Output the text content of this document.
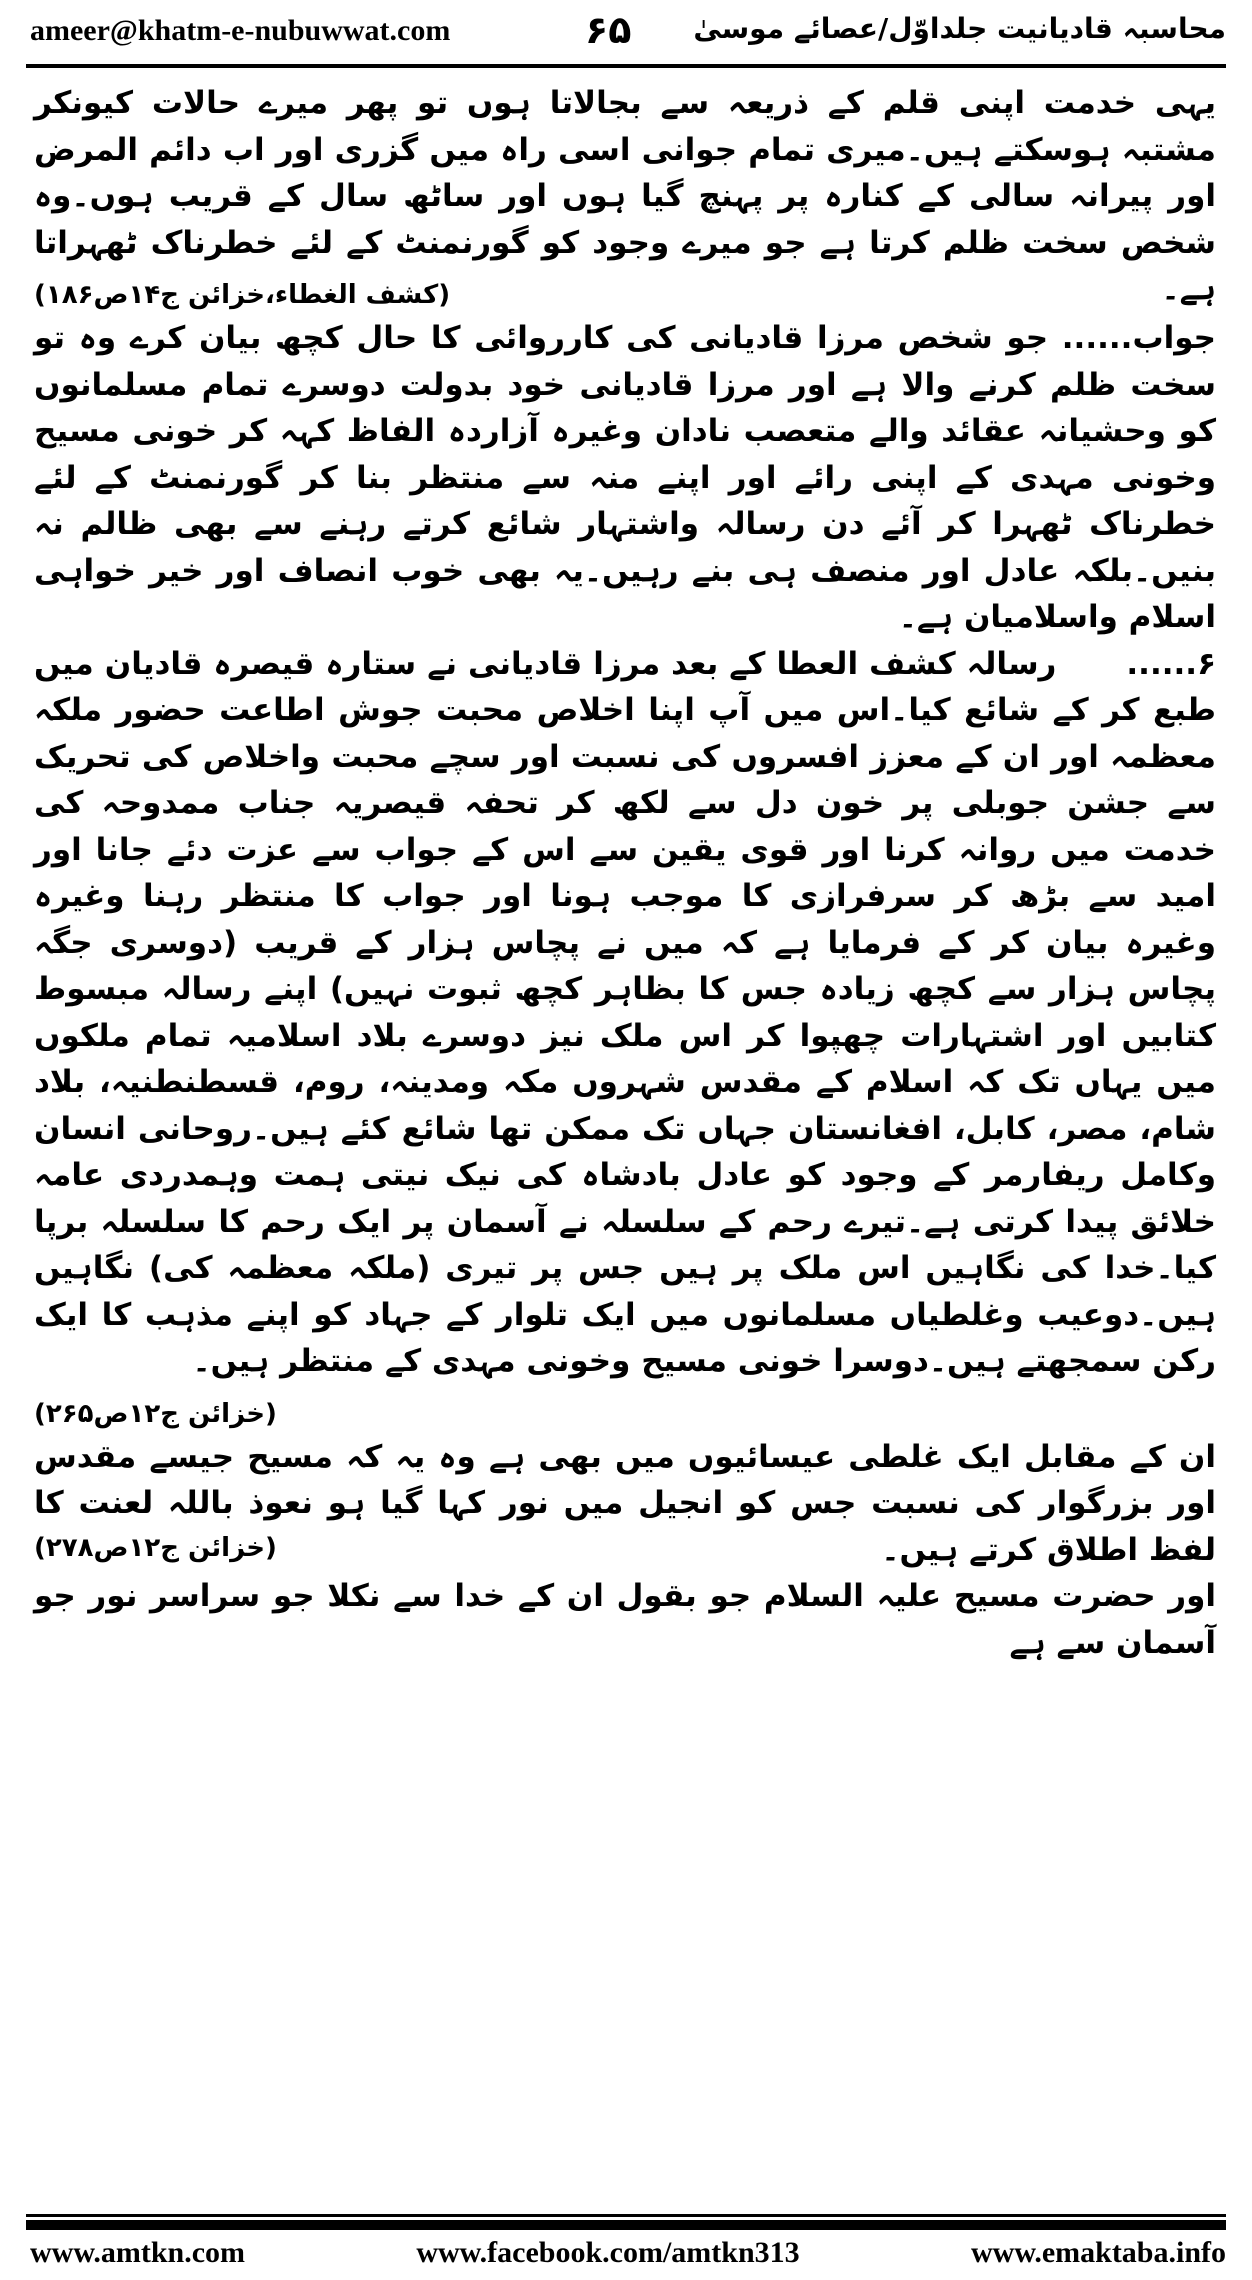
ameer@khatm-e-nubuwwat.com	۶۵ محاسبہ قادیانیت جلداوّل/عصائے موسیٰ

یہی خدمت اپنی قلم کے ذریعہ سے بجالاتا ہوں تو پھر میرے حالات کیونکر مشتبہ ہوسکتے ہیں۔میری تمام جوانی اسی راہ میں گزری اور اب دائم المرض اور پیرانہ سالی کے کنارہ پر پہنچ گیا ہوں اور ساٹھ سال کے قریب ہوں۔وہ شخص سخت ظلم کرتا ہے جو میرے وجود کو گورنمنٹ کے لئے خطرناک ٹھہراتا ہے۔
(کشف الغطاء،خزائن ج۱۴ص۱۸۶)

جواب...... جو شخص مرزا قادیانی کی کارروائی کا حال کچھ بیان کرے وہ تو سخت ظلم کرنے والا ہے اور مرزا قادیانی خود بدولت دوسرے تمام مسلمانوں کو وحشیانہ عقائد والے متعصب نادان وغیرہ آزاردہ الفاظ کہہ کر خونی مسیح وخونی مہدی کے اپنی رائے اور اپنے منہ سے منتظر بنا کر گورنمنٹ کے لئے خطرناک ٹھہرا کر آئے دن رسالہ واشتہار شائع کرتے رہنے سے بھی ظالم نہ بنیں۔بلکہ عادل اور منصف ہی بنے رہیں۔یہ بھی خوب انصاف اور خیر خواہی اسلام واسلامیان ہے۔

۶......رسالہ کشف العطا کے بعد مرزا قادیانی نے ستارہ قیصرہ قادیان میں طبع کر کے شائع کیا۔اس میں آپ اپنا اخلاص محبت جوش اطاعت حضور ملکہ معظمہ اور ان کے معزز افسروں کی نسبت اور سچے محبت واخلاص کی تحریک سے جشن جوبلی پر خون دل سے لکھ کر تحفہ قیصریہ جناب ممدوحہ کی خدمت میں روانہ کرنا اور قوی یقین سے اس کے جواب سے عزت دئے جانا اور امید سے بڑھ کر سرفرازی کا موجب ہونا اور جواب کا منتظر رہنا وغیرہ وغیرہ بیان کر کے فرمایا ہے کہ میں نے پچاس ہزار کے قریب (دوسری جگہ پچاس ہزار سے کچھ زیادہ جس کا بظاہر کچھ ثبوت نہیں) اپنے رسالہ مبسوط کتابیں اور اشتہارات چھپوا کر اس ملک نیز دوسرے بلاد اسلامیہ تمام ملکوں میں یہاں تک کہ اسلام کے مقدس شہروں مکہ ومدینہ، روم، قسطنطنیہ، بلاد شام، مصر، کابل، افغانستان جہاں تک ممکن تھا شائع کئے ہیں۔روحانی انسان وکامل ریفارمر کے وجود کو عادل بادشاہ کی نیک نیتی ہمت وہمدردی عامہ خلائق پیدا کرتی ہے۔تیرے رحم کے سلسلہ نے آسمان پر ایک رحم کا سلسلہ برپا کیا۔خدا کی نگاہیں اس ملک پر ہیں جس پر تیری (ملکہ معظمہ کی) نگاہیں ہیں۔دوعیب وغلطیاں مسلمانوں میں ایک تلوار کے جہاد کو اپنے مذہب کا ایک رکن سمجھتے ہیں۔دوسرا خونی مسیح وخونی مہدی کے منتظر ہیں۔
(خزائن ج۱۲ص۲۶۵)

ان کے مقابل ایک غلطی عیسائیوں میں بھی ہے وہ یہ کہ مسیح جیسے مقدس اور بزرگوار کی نسبت جس کو انجیل میں نور کہا گیا ہو نعوذ باللہ لعنت کا لفظ اطلاق کرتے ہیں۔
(خزائن ج۱۲ص۲۷۸)

اور حضرت مسیح علیہ السلام جو بقول ان کے خدا سے نکلا جو سراسر نور جو آسمان سے ہے

www.amtkn.com	www.facebook.com/amtkn313	www.emaktaba.info
